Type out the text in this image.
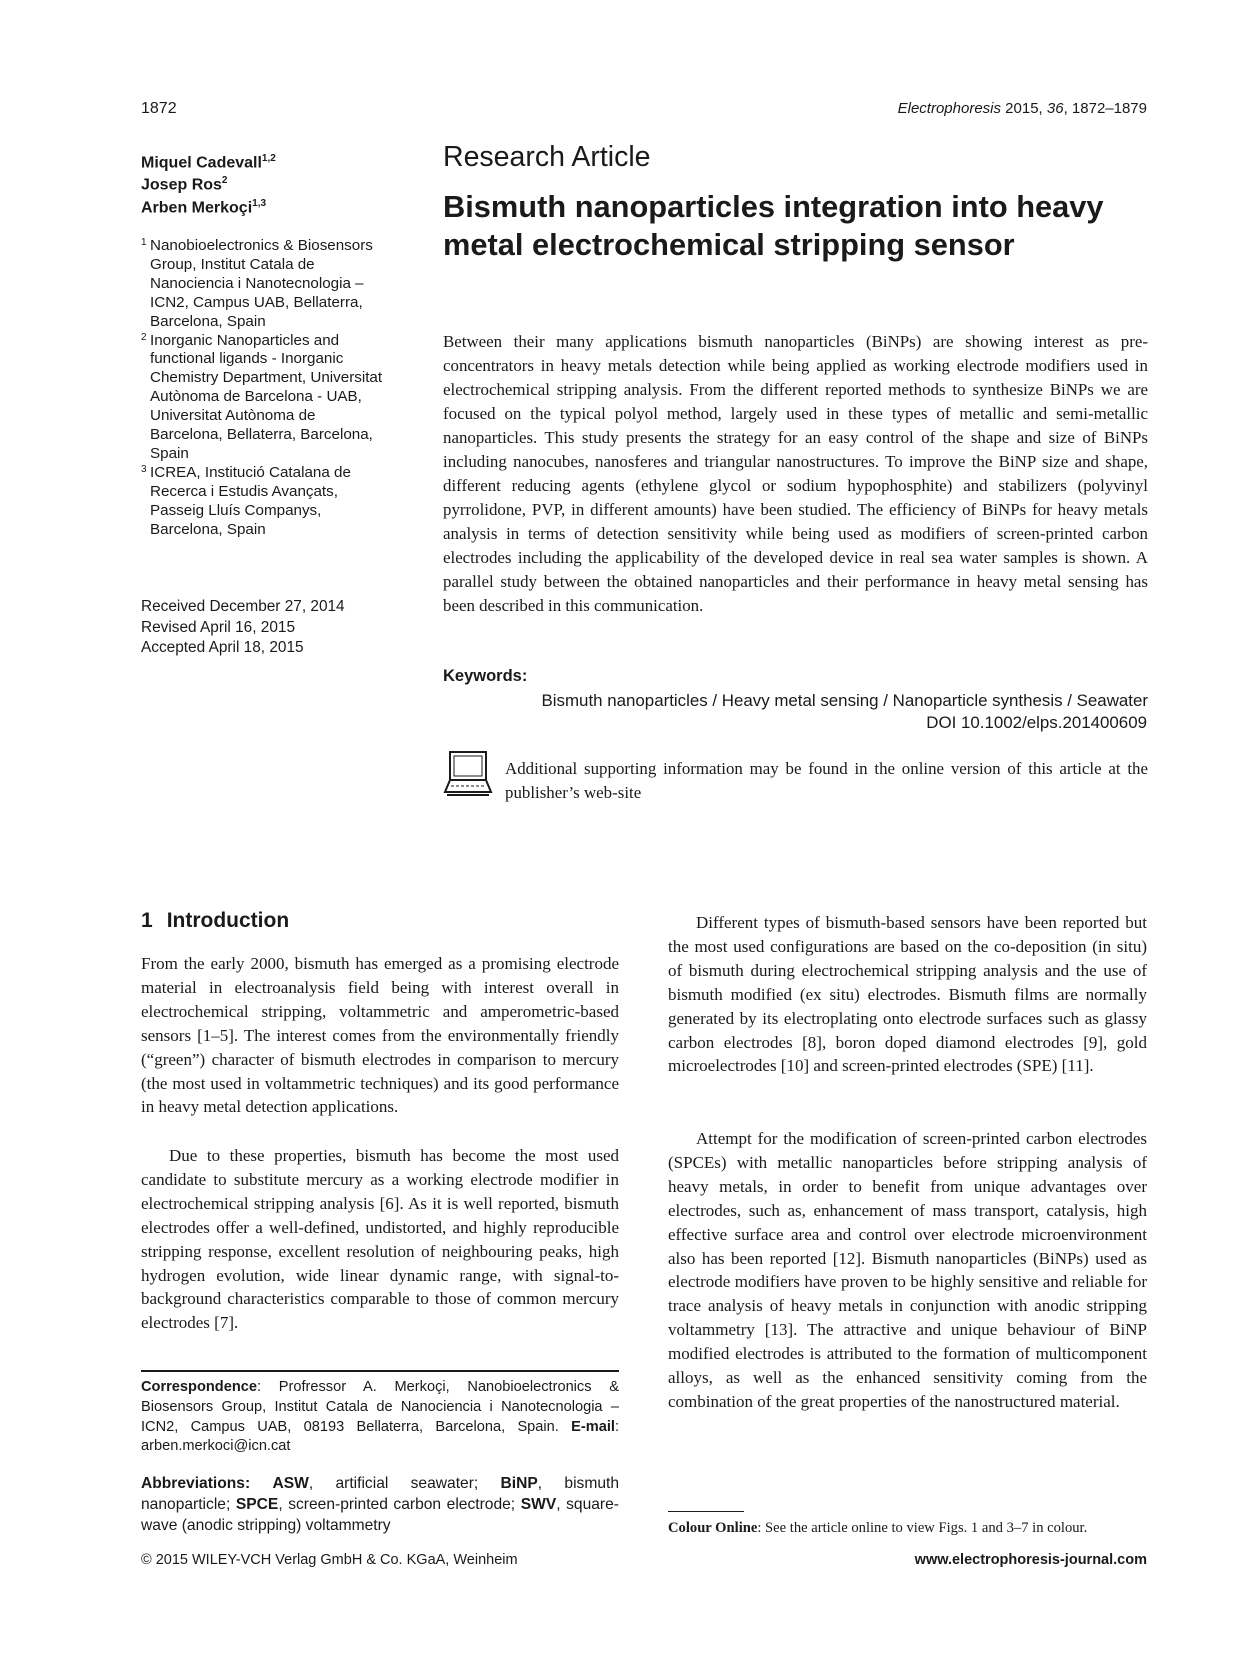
1872	Electrophoresis 2015, 36, 1872–1879
Miquel Cadevall$^{1,2}$
Josep Ros$^2$
Arben Merkoçi$^{1,3}$

1 Nanobioelectronics & Biosensors Group, Institut Catala de Nanociencia i Nanotecnologia – ICN2, Campus UAB, Bellaterra, Barcelona, Spain

2 Inorganic Nanoparticles and functional ligands - Inorganic Chemistry Department, Universitat Autònoma de Barcelona - UAB, Universitat Autònoma de Barcelona, Bellaterra, Barcelona, Spain

3 ICREA, Institució Catalana de Recerca i Estudis Avançats, Passeig Lluís Companys, Barcelona, Spain

Received December 27, 2014
Revised April 16, 2015
Accepted April 18, 2015
Research Article
Bismuth nanoparticles integration into heavy metal electrochemical stripping sensor

Between their many applications bismuth nanoparticles (BiNPs) are showing interest as pre-concentrators in heavy metals detection while being applied as working electrode modifiers used in electrochemical stripping analysis. From the different reported methods to synthesize BiNPs we are focused on the typical polyol method, largely used in these types of metallic and semi-metallic nanoparticles. This study presents the strategy for an easy control of the shape and size of BiNPs including nanocubes, nanosferes and triangular nanostructures. To improve the BiNP size and shape, different reducing agents (ethylene glycol or sodium hypophosphite) and stabilizers (polyvinyl pyrrolidone, PVP, in different amounts) have been studied. The efficiency of BiNPs for heavy metals analysis in terms of detection sensitivity while being used as modifiers of screen-printed carbon electrodes including the applicability of the developed device in real sea water samples is shown. A parallel study between the obtained nanoparticles and their performance in heavy metal sensing has been described in this communication.

Keywords:
Bismuth nanoparticles / Heavy metal sensing / Nanoparticle synthesis / Seawater
DOI 10.1002/elps.201400609
Additional supporting information may be found in the online version of this article at the publisher’s web-site
1 Introduction

From the early 2000, bismuth has emerged as a promising electrode material in electroanalysis field being with interest overall in electrochemical stripping, voltammetric and amperometric-based sensors [1–5]. The interest comes from the environmentally friendly (“green”) character of bismuth electrodes in comparison to mercury (the most used in voltammetric techniques) and its good performance in heavy metal detection applications.

Due to these properties, bismuth has become the most used candidate to substitute mercury as a working electrode modifier in electrochemical stripping analysis [6]. As it is well reported, bismuth electrodes offer a well-defined, undistorted, and highly reproducible stripping response, excellent resolution of neighbouring peaks, high hydrogen evolution, wide linear dynamic range, with signal-to-background characteristics comparable to those of common mercury electrodes [7].

Correspondence: Profressor A. Merkoçi, Nanobioelectronics & Biosensors Group, Institut Catala de Nanociencia i Nanotecnologia – ICN2, Campus UAB, 08193 Bellaterra, Barcelona, Spain. E-mail: arben.merkoci@icn.cat

Abbreviations: ASW, artificial seawater; BiNP, bismuth nanoparticle; SPCE, screen-printed carbon electrode; SWV, square-wave (anodic stripping) voltammetry

Different types of bismuth-based sensors have been reported but the most used configurations are based on the co-deposition (in situ) of bismuth during electrochemical stripping analysis and the use of bismuth modified (ex situ) electrodes. Bismuth films are normally generated by its electroplating onto electrode surfaces such as glassy carbon electrodes [8], boron doped diamond electrodes [9], gold microelectrodes [10] and screen-printed electrodes (SPE) [11].

Attempt for the modification of screen-printed carbon electrodes (SPCEs) with metallic nanoparticles before stripping analysis of heavy metals, in order to benefit from unique advantages over electrodes, such as, enhancement of mass transport, catalysis, high effective surface area and control over electrode microenvironment also has been reported [12]. Bismuth nanoparticles (BiNPs) used as electrode modifiers have proven to be highly sensitive and reliable for trace analysis of heavy metals in conjunction with anodic stripping voltammetry [13]. The attractive and unique behaviour of BiNP modified electrodes is attributed to the formation of multicomponent alloys, as well as the enhanced sensitivity coming from the combination of the great properties of the nanostructured material.

Colour Online: See the article online to view Figs. 1 and 3–7 in colour.
© 2015 WILEY-VCH Verlag GmbH & Co. KGaA, Weinheim	www.electrophoresis-journal.com
